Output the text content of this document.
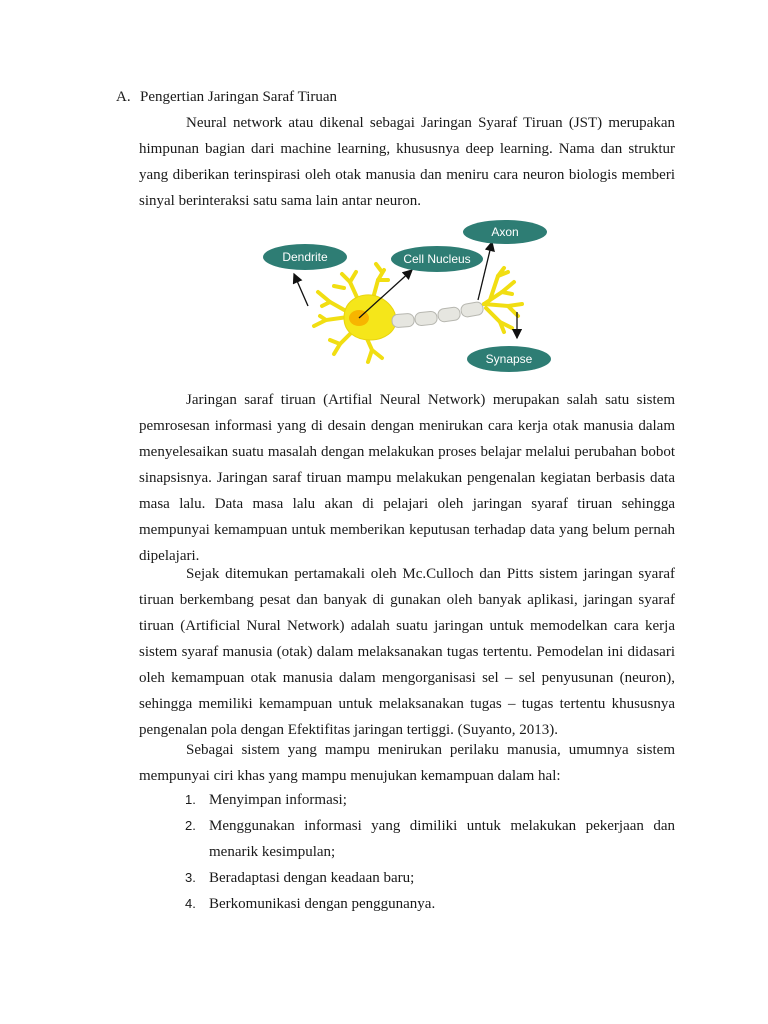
A. Pengertian Jaringan Saraf Tiruan

Neural network atau dikenal sebagai Jaringan Syaraf Tiruan (JST) merupakan himpunan bagian dari machine learning, khususnya deep learning. Nama dan struktur yang diberikan terinspirasi oleh otak manusia dan meniru cara neuron biologis memberi sinyal berinteraksi satu sama lain antar neuron.

Dendrite	Cell Nucleus
Axon
Synapse

Jaringan saraf tiruan (Artifial Neural Network) merupakan salah satu sistem pemrosesan informasi yang di desain dengan menirukan cara kerja otak manusia dalam menyelesaikan suatu masalah dengan melakukan proses belajar melalui perubahan bobot sinapsisnya. Jaringan saraf tiruan mampu melakukan pengenalan kegiatan berbasis data masa lalu. Data masa lalu akan di pelajari oleh jaringan syaraf tiruan sehingga mempunyai kemampuan untuk memberikan keputusan terhadap data yang belum pernah dipelajari.

Sejak ditemukan pertamakali oleh Mc.Culloch dan Pitts sistem jaringan syaraf tiruan berkembang pesat dan banyak di gunakan oleh banyak aplikasi, jaringan syaraf tiruan (Artificial Nural Network) adalah suatu jaringan untuk memodelkan cara kerja sistem syaraf manusia (otak) dalam melaksanakan tugas tertentu. Pemodelan ini didasari oleh kemampuan otak manusia dalam mengorganisasi sel – sel penyusunan (neuron), sehingga memiliki kemampuan untuk melaksanakan tugas – tugas tertentu khususnya pengenalan pola dengan Efektifitas jaringan tertiggi. (Suyanto, 2013).

Sebagai sistem yang mampu menirukan perilaku manusia, umumnya sistem mempunyai ciri khas yang mampu menujukan kemampuan dalam hal:

1. Menyimpan informasi;
2. Menggunakan informasi yang dimiliki untuk melakukan pekerjaan dan menarik kesimpulan;
3. Beradaptasi dengan keadaan baru;
4. Berkomunikasi dengan penggunanya.
